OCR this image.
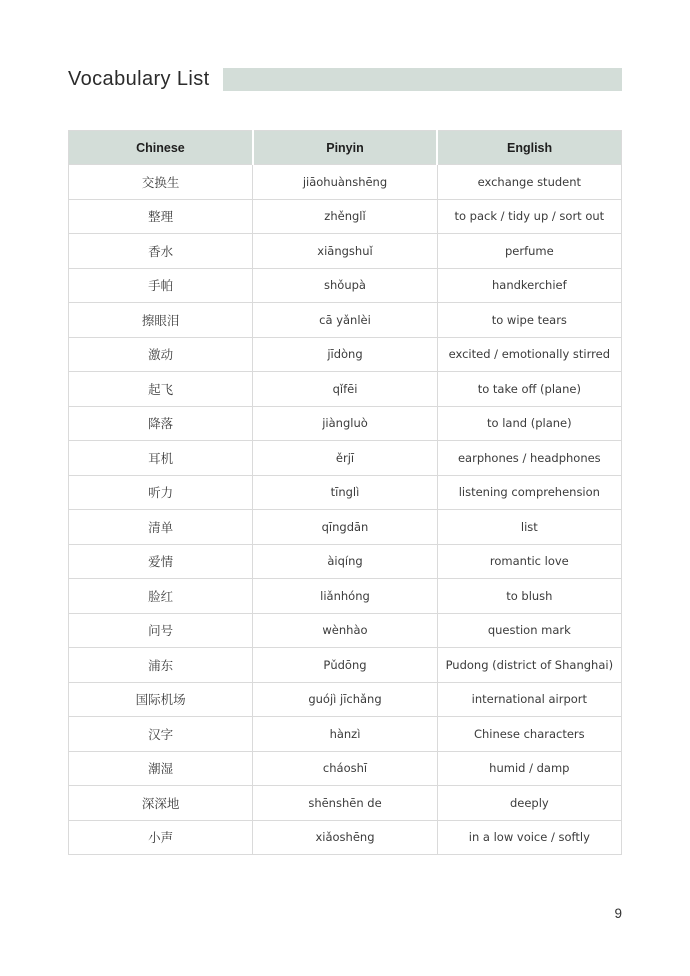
Vocabulary List
Chinese	Pinyin	English
交换生	jiāohuànshēng	exchange student
整理	zhěnglǐ	to pack / tidy up / sort out
香水	xiāngshuǐ	perfume
手帕	shǒupà	handkerchief
擦眼泪	cā yǎnlèi	to wipe tears
激动	jīdòng	excited / emotionally stirred
起飞	qǐfēi	to take off (plane)
降落	jiàngluò	to land (plane)
耳机	ěrjī	earphones / headphones
听力	tīnglì	listening comprehension
清单	qīngdān	list
爱情	àiqíng	romantic love
脸红	liǎnhóng	to blush
问号	wènhào	question mark
浦东	Pǔdōng	Pudong (district of Shanghai)
国际机场	guójì jīchǎng	international airport
汉字	hànzì	Chinese characters
潮湿	cháoshī	humid / damp
深深地	shēnshēn de	deeply
小声	xiǎoshēng	in a low voice / softly
9
